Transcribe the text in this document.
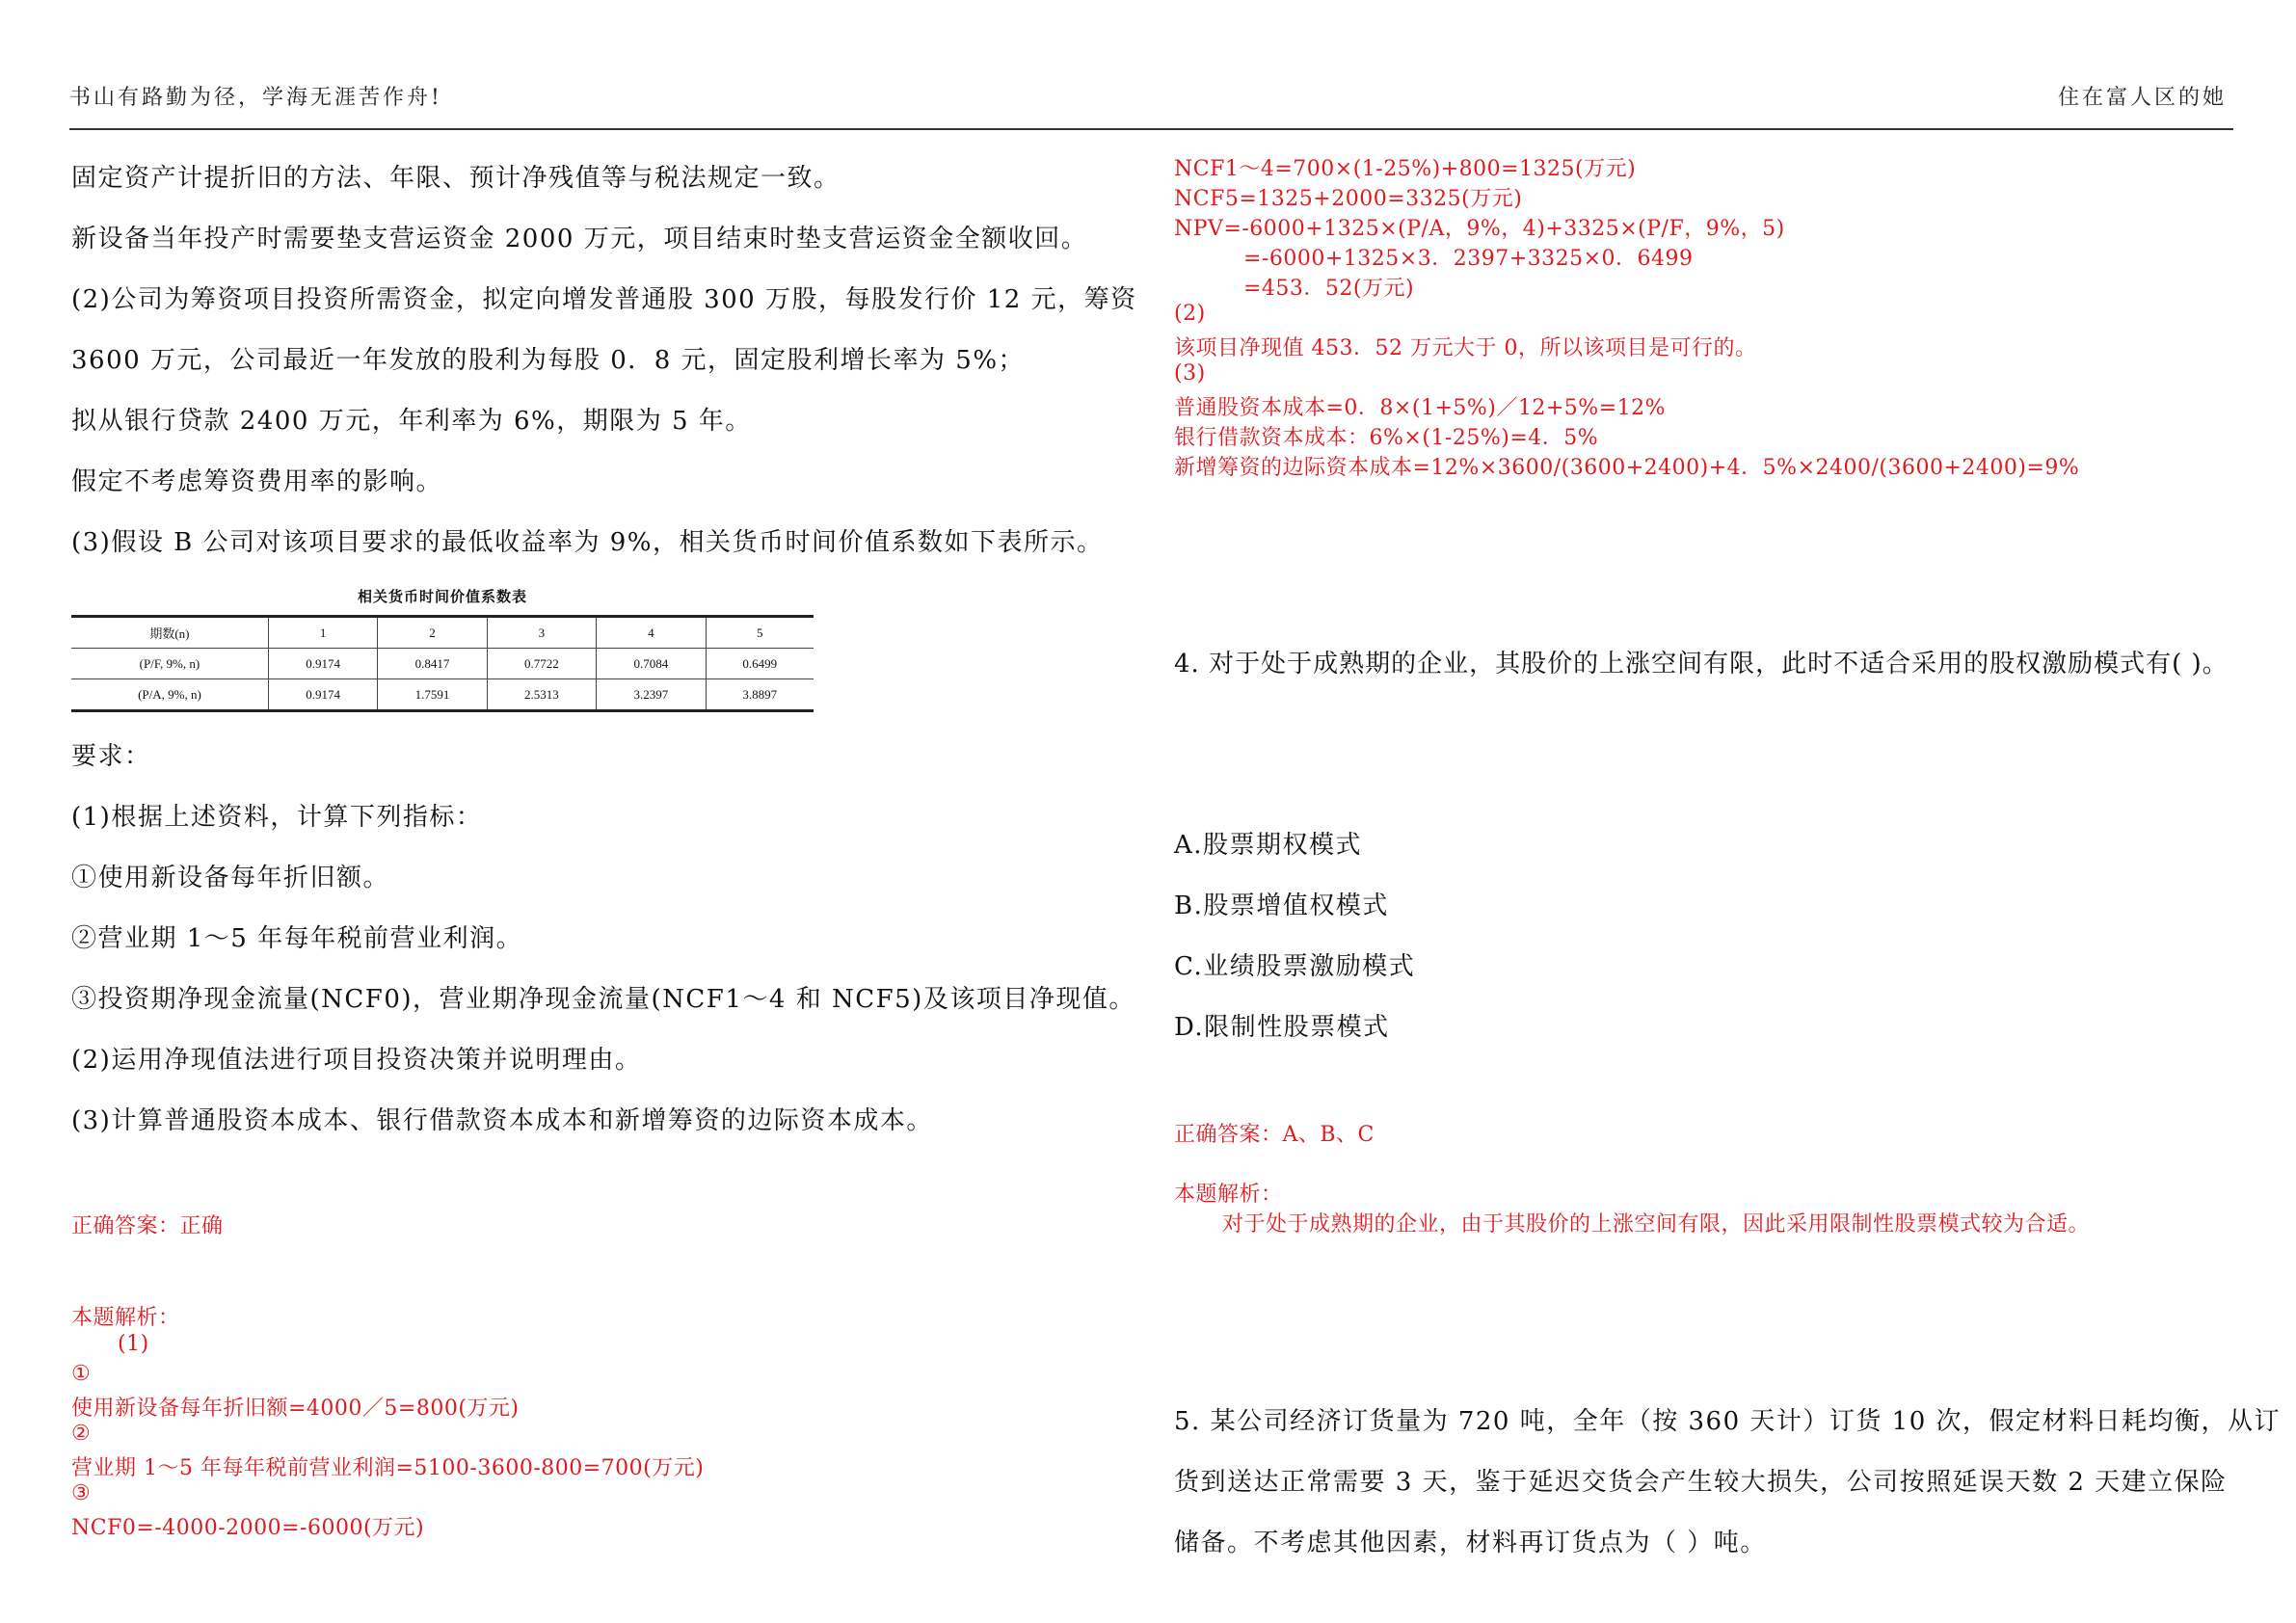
书山有路勤为径，学海无涯苦作舟!	住在富人区的她
固定资产计提折旧的方法、年限、预计净残值等与税法规定一致。
新设备当年投产时需要垫支营运资金 2000 万元，项目结束时垫支营运资金全额收回。
(2)公司为筹资项目投资所需资金，拟定向增发普通股 300 万股，每股发行价 12 元，筹资
3600 万元，公司最近一年发放的股利为每股 0．8 元，固定股利增长率为 5%；
拟从银行贷款 2400 万元，年利率为 6%，期限为 5 年。
假定不考虑筹资费用率的影响。
(3)假设 B 公司对该项目要求的最低收益率为 9%，相关货币时间价值系数如下表所示。
相关货币时间价值系数表
期数(n)	1	2	3	4	5
(P/F, 9%, n)	0.9174	0.8417	0.7722	0.7084	0.6499
(P/A, 9%, n)	0.9174	1.7591	2.5313	3.2397	3.8897
要求：
(1)根据上述资料，计算下列指标：
①使用新设备每年折旧额。
②营业期 1～5 年每年税前营业利润。
③投资期净现金流量(NCF0)，营业期净现金流量(NCF1～4 和 NCF5)及该项目净现值。
(2)运用净现值法进行项目投资决策并说明理由。
(3)计算普通股资本成本、银行借款资本成本和新增筹资的边际资本成本。
正确答案：正确
本题解析：
(1)
①
使用新设备每年折旧额=4000／5=800(万元)
②
营业期 1～5 年每年税前营业利润=5100-3600-800=700(万元)
③
NCF0=-4000-2000=-6000(万元)
NCF1～4=700×(1-25%)+800=1325(万元)
NCF5=1325+2000=3325(万元)
NPV=-6000+1325×(P/A，9%，4)+3325×(P/F，9%，5)
=-6000+1325×3．2397+3325×0．6499
=453．52(万元)
(2)
该项目净现值 453．52 万元大于 0，所以该项目是可行的。
(3)
普通股资本成本=0．8×(1+5%)／12+5%=12%
银行借款资本成本：6%×(1-25%)=4．5%
新增筹资的边际资本成本=12%×3600/(3600+2400)+4．5%×2400/(3600+2400)=9%
4. 对于处于成熟期的企业，其股价的上涨空间有限，此时不适合采用的股权激励模式有( )。
A.股票期权模式
B.股票增值权模式
C.业绩股票激励模式
D.限制性股票模式
正确答案：A、B、C
本题解析：
对于处于成熟期的企业，由于其股价的上涨空间有限，因此采用限制性股票模式较为合适。
5. 某公司经济订货量为 720 吨，全年（按 360 天计）订货 10 次，假定材料日耗均衡，从订
货到送达正常需要 3 天，鉴于延迟交货会产生较大损失，公司按照延误天数 2 天建立保险
储备。不考虑其他因素，材料再订货点为（ ）吨。
